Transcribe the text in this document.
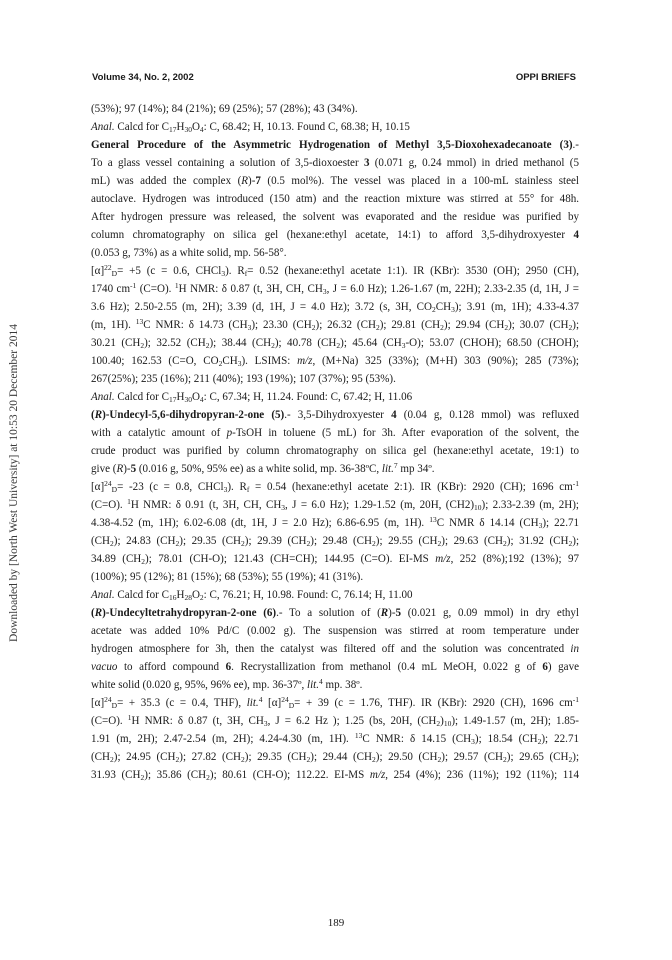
Volume 34, No. 2, 2002	OPPI BRIEFS
Downloaded by [North West University] at 10:53 20 December 2014
(53%); 97 (14%); 84 (21%); 69 (25%); 57 (28%); 43 (34%).
Anal. Calcd for $C_{17}H_{30}O_4$: C, 68.42; H, 10.13. Found C, 68.38; H, 10.15
General Procedure of the Asymmetric Hydrogenation of Methyl 3,5-Dioxohexadecanoate (3).-
To a glass vessel containing a solution of 3,5-dioxoester 3 (0.071 g, 0.24 mmol) in dried methanol (5
mL) was added the complex (R)-7 (0.5 mol%). The vessel was placed in a 100-mL stainless steel
autoclave. Hydrogen was introduced (150 atm) and the reaction mixture was stirred at 55° for 48h.
After hydrogen pressure was released, the solvent was evaporated and the residue was purified by
column chromatography on silica gel (hexane:ethyl acetate, 14:1) to afford 3,5-dihydroxyester 4
(0.053 g, 73%) as a white solid, mp. 56-58°.
$[\alpha]^{22}_D= +5$ (c = 0.6, CHCl$_3$). $R_f= 0.52$ (hexane:ethyl acetate 1:1). IR (KBr): 3530 (OH); 2950 (CH),
1740 $cm^{-1}$ (C=O). $^1$H NMR: δ 0.87 (t, 3H, CH, $CH_3$, J = 6.0 Hz); 1.26-1.67 (m, 22H); 2.33-2.35 (d, 1H, J =
3.6 Hz); 2.50-2.55 (m, 2H); 3.39 (d, 1H, J = 4.0 Hz); 3.72 (s, 3H, $CO_2CH_3$); 3.91 (m, 1H); 4.33-4.37
(m, 1H). $^{13}$C NMR: δ 14.73 $(CH_3)$; 23.30 $(CH_2)$; 26.32 $(CH_2)$; 29.81 $(CH_2)$; 29.94 $(CH_2)$; 30.07 $(CH_2)$;
30.21 $(CH_2)$; 32.52 $(CH_2)$; 38.44 $(CH_2)$; 40.78 $(CH_2)$; 45.64 $(CH_3-O)$; 53.07 (CHOH); 68.50 (CHOH);
100.40; 162.53 (C=O, $CO_2CH_3$). LSIMS: m/z, (M+Na) 325 (33%); (M+H) 303 (90%); 285 (73%);
267(25%); 235 (16%); 211 (40%); 193 (19%); 107 (37%); 95 (53%).
Anal. Calcd for $C_{17}H_{30}O_4$: C, 67.34; H, 11.24. Found: C, 67.42; H, 11.06
(R)-Undecyl-5,6-dihydropyran-2-one (5).- 3,5-Dihydroxyester 4 (0.04 g, 0.128 mmol) was refluxed
with a catalytic amount of p-TsOH in toluene (5 mL) for 3h. After evaporation of the solvent, the
crude product was purified by column chromatography on silica gel (hexane:ethyl acetate, 19:1) to
give (R)-5 (0.016 g, 50%, 95% ee) as a white solid, mp. 36-38ºC, lit.$^7$ mp 34º.
$[\alpha]^{24}_D= -23$ (c = 0.8, CHCl$_3$). $R_f = 0.54$ (hexane:ethyl acetate 2:1). IR (KBr): 2920 (CH); 1696 $cm^{-1}$
(C=O). $^1$H NMR: δ 0.91 (t, 3H, CH, $CH_3$, J = 6.0 Hz); 1.29-1.52 (m, 20H, $(CH2)_{10}$); 2.33-2.39 (m, 2H);
4.38-4.52 (m, 1H); 6.02-6.08 (dt, 1H, J = 2.0 Hz); 6.86-6.95 (m, 1H). $^{13}$C NMR δ 14.14 $(CH_3)$; 22.71
$(CH_2)$; 24.83 $(CH_2)$; 29.35 $(CH_2)$; 29.39 $(CH_2)$; 29.48 $(CH_2)$; 29.55 $(CH_2)$; 29.63 $(CH_2)$; 31.92 $(CH_2)$;
34.89 $(CH_2)$; 78.01 (CH-O); 121.43 (CH=CH); 144.95 (C=O). EI-MS m/z, 252 (8%);192 (13%); 97
(100%); 95 (12%); 81 (15%); 68 (53%); 55 (19%); 41 (31%).
Anal. Calcd for $C_{16}H_{28}O_2$: C, 76.21; H, 10.98. Found: C, 76.14; H, 11.00
(R)-Undecyltetrahydropyran-2-one (6).- To a solution of (R)-5 (0.021 g, 0.09 mmol) in dry ethyl
acetate was added 10% Pd/C (0.002 g). The suspension was stirred at room temperature under
hydrogen atmosphere for 3h, then the catalyst was filtered off and the solution was concentrated in
vacuo to afford compound 6. Recrystallization from methanol (0.4 mL MeOH, 0.022 g of 6) gave
white solid (0.020 g, 95%, 96% ee), mp. 36-37º, lit.$^4$ mp. 38º.
$[\alpha]^{24}_D= + 35.3$ (c = 0.4, THF), lit.$^4$ $[\alpha]^{24}_D= + 39$ (c = 1.76, THF). IR (KBr): 2920 (CH), 1696 $cm^{-1}$
(C=O). $^1$H NMR: δ 0.87 (t, 3H, $CH_3$, J = 6.2 Hz ); 1.25 (bs, 20H, $(CH_2)_{10}$); 1.49-1.57 (m, 2H); 1.85-
1.91 (m, 2H); 2.47-2.54 (m, 2H); 4.24-4.30 (m, 1H). $^{13}$C NMR: δ 14.15 $(CH_3)$; 18.54 $(CH_2)$; 22.71
$(CH_2)$; 24.95 $(CH_2)$; 27.82 $(CH_2)$; 29.35 $(CH_2)$; 29.44 $(CH_2)$; 29.50 $(CH_2)$; 29.57 $(CH_2)$; 29.65 $(CH_2)$;
31.93 $(CH_2)$; 35.86 $(CH_2)$; 80.61 (CH-O); 112.22. EI-MS m/z, 254 (4%); 236 (11%); 192 (11%); 114
189
